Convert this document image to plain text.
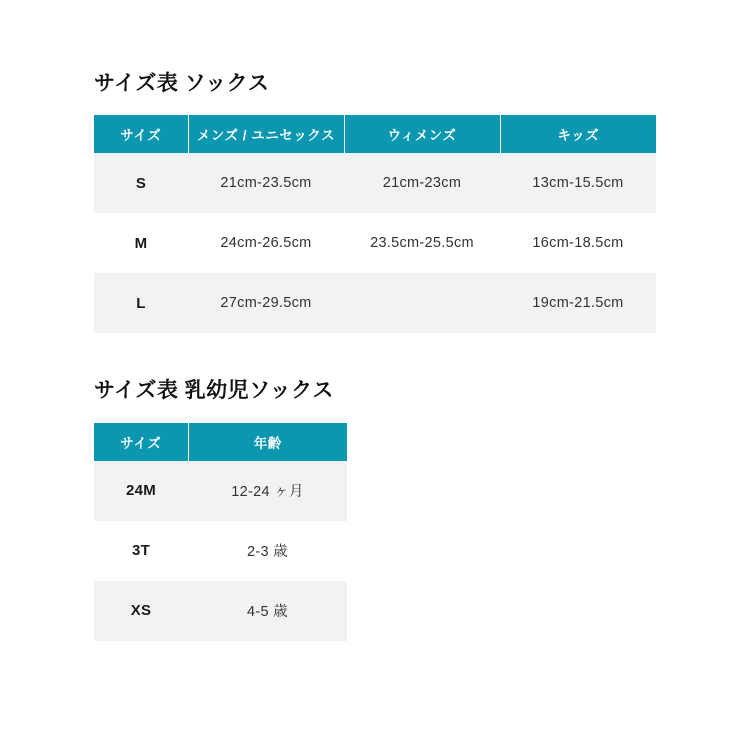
サイズ表 ソックス
サイズ	メンズ / ユニセックス	ウィメンズ	キッズ
S	21cm-23.5cm	21cm-23cm	13cm-15.5cm
M	24cm-26.5cm	23.5cm-25.5cm	16cm-18.5cm
L	27cm-29.5cm		19cm-21.5cm
サイズ表 乳幼児ソックス
サイズ	年齢
24M	12-24 ヶ月
3T	2-3 歳
XS	4-5 歳
